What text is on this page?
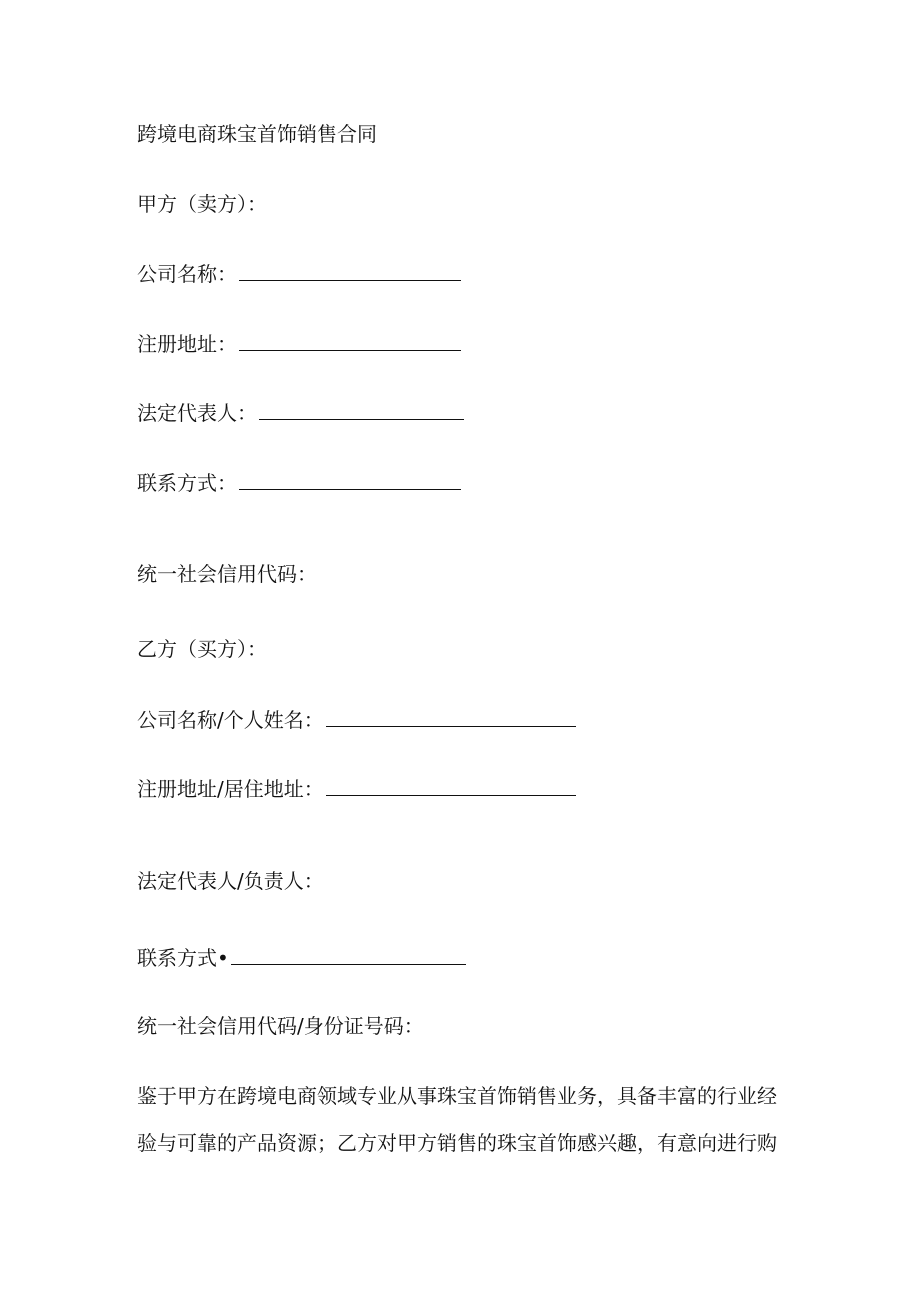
跨境电商珠宝首饰销售合同
甲方（卖方）：
公司名称：
注册地址：
法定代表人：
联系方式：
统一社会信用代码：
乙方（买方）：
公司名称/个人姓名：
注册地址/居住地址：
法定代表人/负责人：
联系方式•
统一社会信用代码/身份证号码：
鉴于甲方在跨境电商领域专业从事珠宝首饰销售业务，具备丰富的行业经
验与可靠的产品资源；乙方对甲方销售的珠宝首饰感兴趣，有意向进行购
